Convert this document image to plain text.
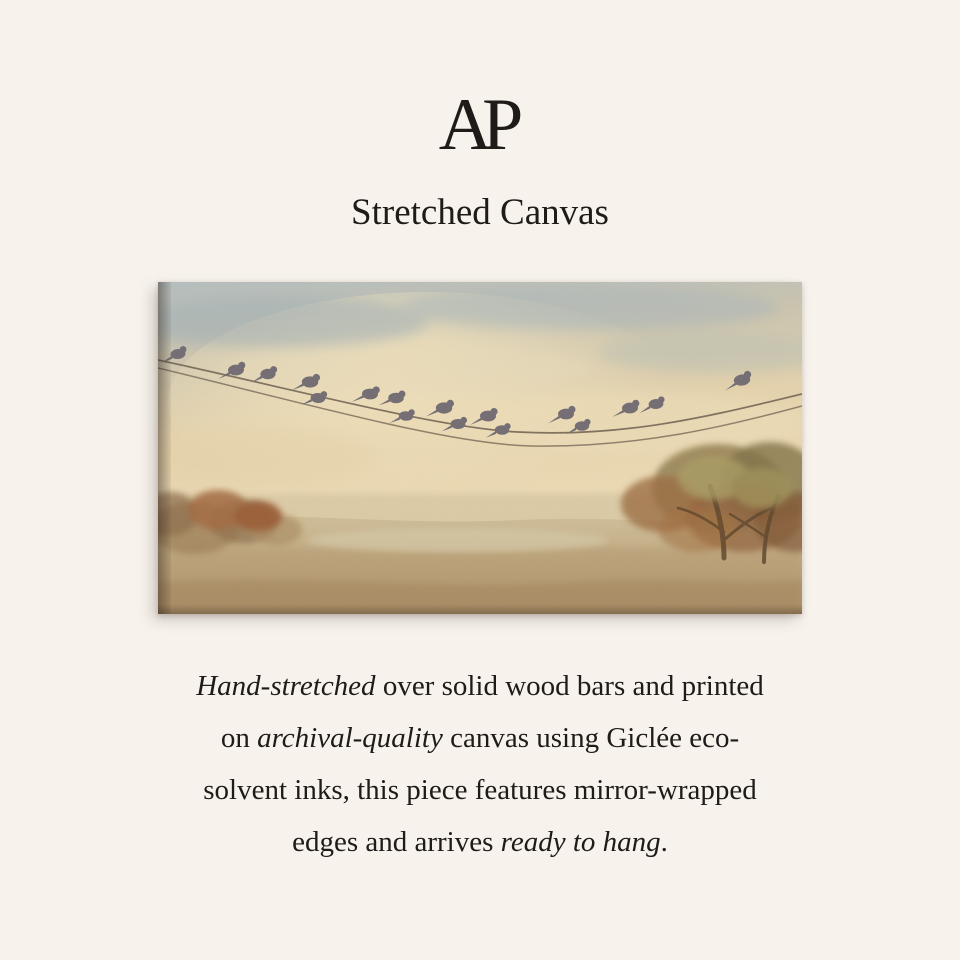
AP
Stretched Canvas
Hand-stretched over solid wood bars and printed
on archival-quality canvas using Giclée eco-
solvent inks, this piece features mirror-wrapped
edges and arrives ready to hang.
